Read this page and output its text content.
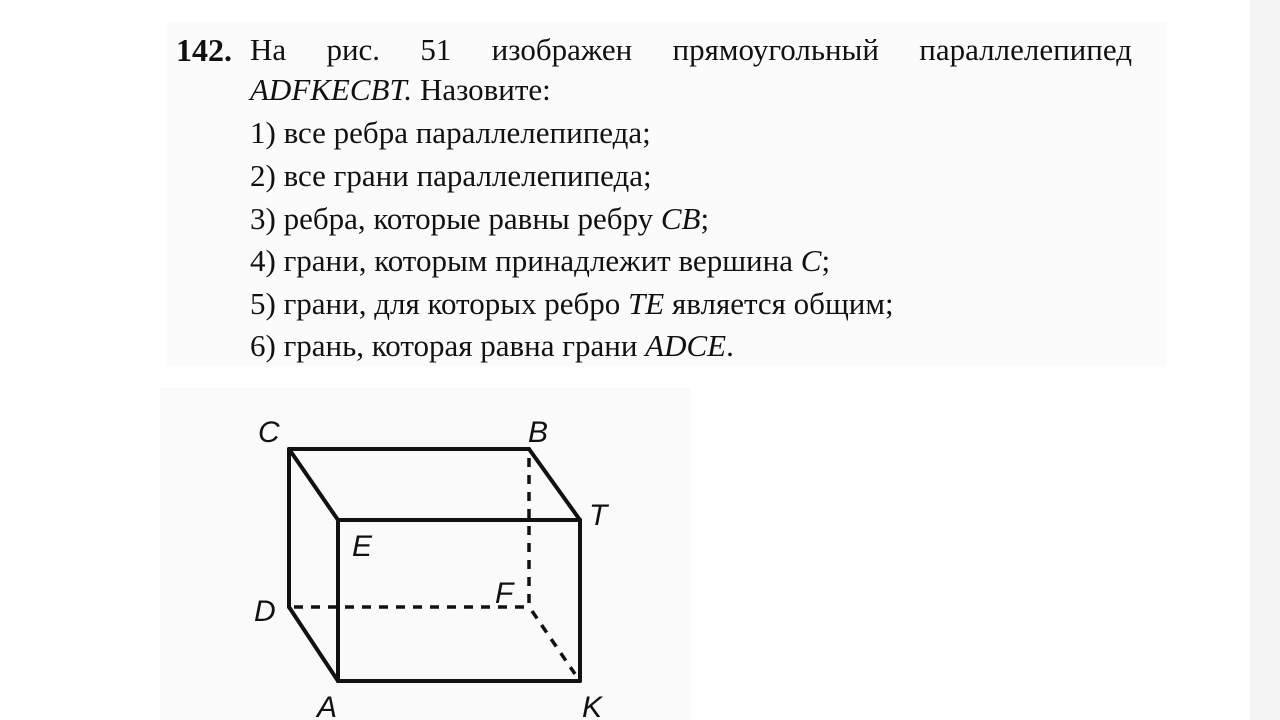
142. На рис. 51 изображен прямоугольный параллелепипед
ADFKECBT. Назовите:
1) все ребра параллелепипеда;
2) все грани параллелепипеда;
3) ребра, которые равны ребру CB;
4) грани, которым принадлежит вершина C;
5) грани, для которых ребро TE является общим;
6) грань, которая равна грани ADCE.
C	B
T
E
D
F
A	K
